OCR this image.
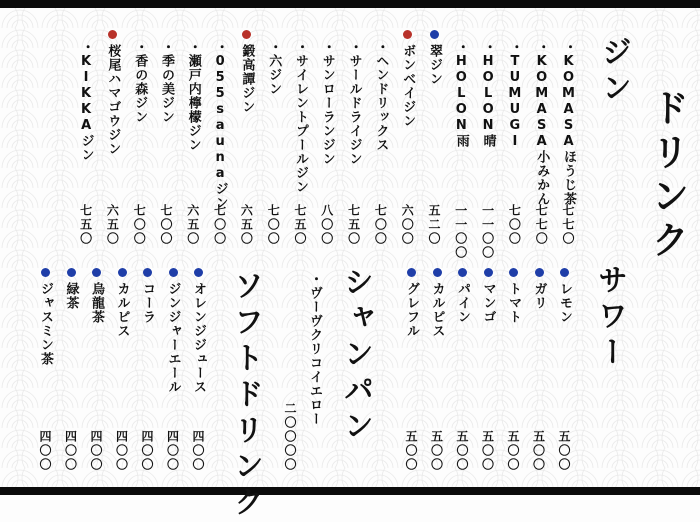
ドリンク
ジン
・KOMASAほうじ茶
・KOMASA小みかん
・TUMUGI
・HOLON晴
・HOLON雨
翠ジン
ボンベイジン
・ヘンドリックス
・サールドライジン
・サンローランジン
・サイレントプールジン
・六ジン
鍛高譚ジン
・055saunaジン
・瀬戸内檸檬ジン
・季の美ジン
・香の森ジン
桜尾ハマゴウジン
・KIKKAジン
七七〇
七七〇
七〇〇
一一〇〇
一一〇〇
五二〇
六〇〇
七〇〇
七五〇
八〇〇
七五〇
七〇〇
六五〇
七〇〇
六五〇
七〇〇
七〇〇
六五〇
七五〇
サワー
レモン
五〇〇
ガリ
五〇〇
トマト
五〇〇
マンゴ
五〇〇
パイン
五〇〇
カルピス
五〇〇
グレフル
五〇〇
シャンパン
・ヴーヴクリコイエロー
二〇〇〇〇
ソフトドリンク
オレンジジュース
四〇〇
ジンジャーエール
四〇〇
コーラ
四〇〇
カルピス
四〇〇
烏龍茶
四〇〇
緑茶
四〇〇
ジャスミン茶
四〇〇
